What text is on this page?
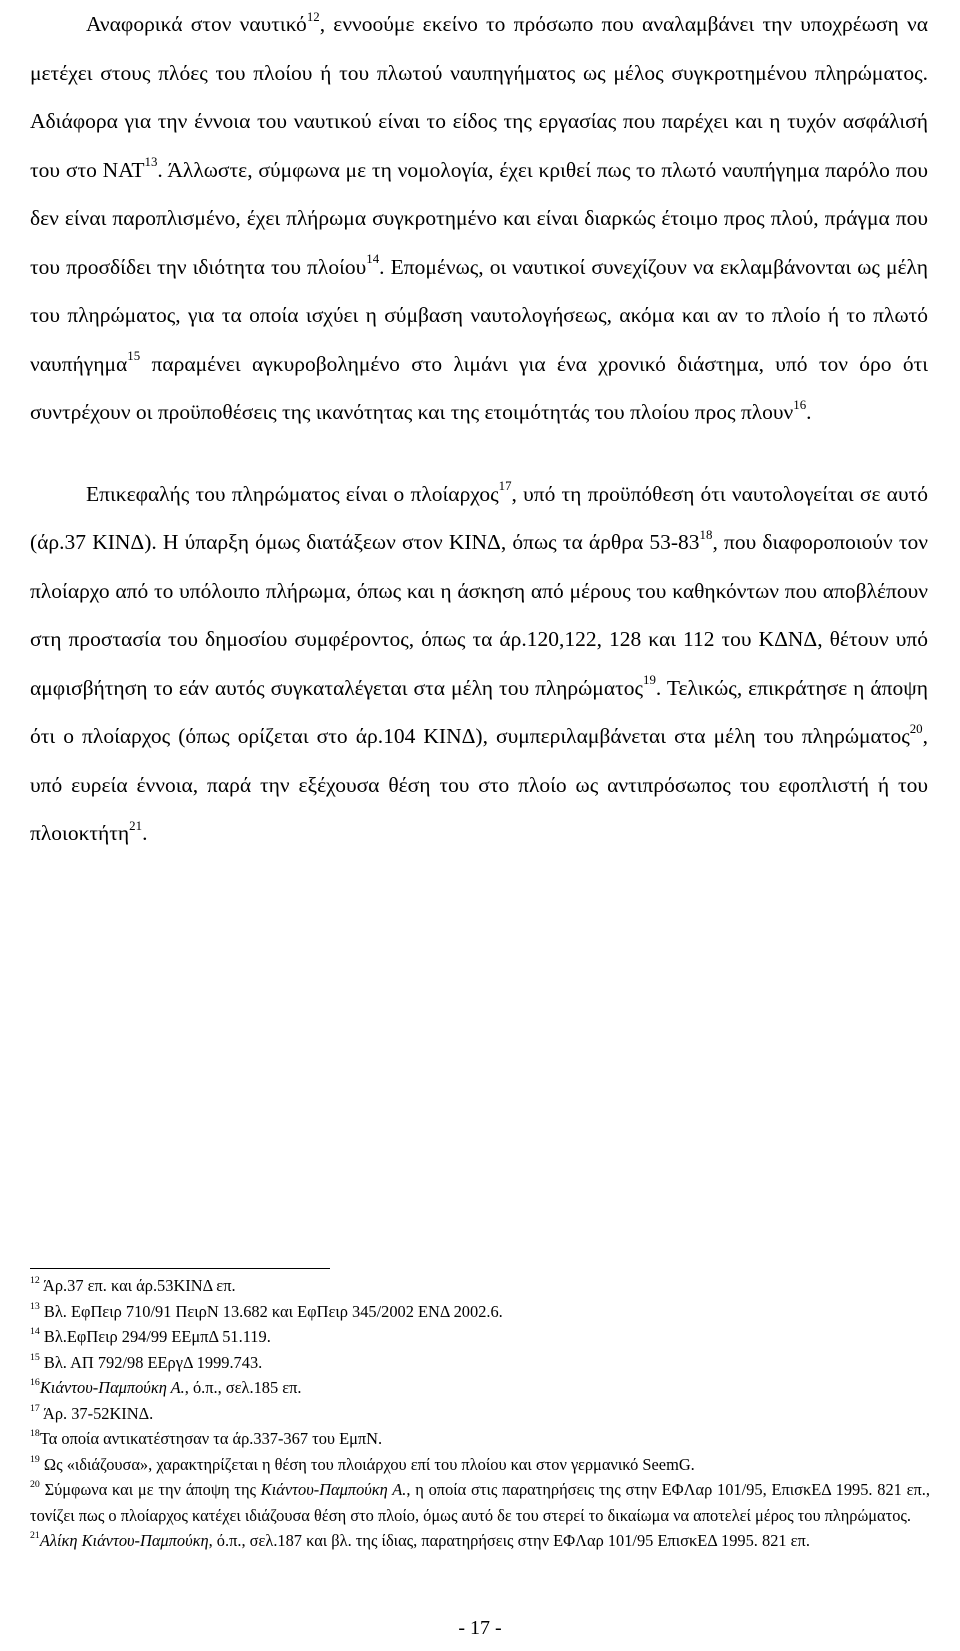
Αναφορικά στον ναυτικό$^{12}$, εννοούμε εκείνο το πρόσωπο που αναλαμβάνει την υποχρέωση να μετέχει στους πλόες του πλοίου ή του πλωτού ναυπηγήματος ως μέλος συγκροτημένου πληρώματος. Αδιάφορα για την έννοια του ναυτικού είναι το είδος της εργασίας που παρέχει και η τυχόν ασφάλισή του στο ΝΑΤ$^{13}$. Άλλωστε, σύμφωνα με τη νομολογία, έχει κριθεί πως το πλωτό ναυπήγημα παρόλο που δεν είναι παροπλισμένο, έχει πλήρωμα συγκροτημένο και είναι διαρκώς έτοιμο προς πλού, πράγμα που του προσδίδει την ιδιότητα του πλοίου$^{14}$. Επομένως, οι ναυτικοί συνεχίζουν να εκλαμβάνονται ως μέλη του πληρώματος, για τα οποία ισχύει η σύμβαση ναυτολογήσεως, ακόμα και αν το πλοίο ή το πλωτό ναυπήγημα$^{15}$ παραμένει αγκυροβολημένο στο λιμάνι για ένα χρονικό διάστημα, υπό τον όρο ότι συντρέχουν οι προϋποθέσεις της ικανότητας και της ετοιμότητάς του πλοίου προς πλουν$^{16}$.

Επικεφαλής του πληρώματος είναι ο πλοίαρχος$^{17}$, υπό τη προϋπόθεση ότι ναυτολογείται σε αυτό (άρ.37 ΚΙΝΔ). Η ύπαρξη όμως διατάξεων στον ΚΙΝΔ, όπως τα άρθρα $53-83^{18}$, που διαφοροποιούν τον πλοίαρχο από το υπόλοιπο πλήρωμα, όπως και η άσκηση από μέρους του καθηκόντων που αποβλέπουν στη προστασία του δημοσίου συμφέροντος, όπως τα άρ.120,122, 128 και 112 του ΚΔΝΔ, θέτουν υπό αμφισβήτηση το εάν αυτός συγκαταλέγεται στα μέλη του πληρώματος$^{19}$. Τελικώς, επικράτησε η άποψη ότι ο πλοίαρχος (όπως ορίζεται στο άρ.104 ΚΙΝΔ), συμπεριλαμβάνεται στα μέλη του πληρώματος$^{20}$, υπό ευρεία έννοια, παρά την εξέχουσα θέση του στο πλοίο ως αντιπρόσωπος του εφοπλιστή ή του πλοιοκτήτη$^{21}$.

$^{12}$ Άρ.37 επ. και άρ.53ΚΙΝΔ επ.

$^{13}$ Βλ. ΕφΠειρ 710/91 ΠειρΝ 13.682 και ΕφΠειρ 345/2002 ΕΝΔ 2002.6.

$^{14}$ Βλ.ΕφΠειρ 294/99 ΕΕμπΔ 51.119.

$^{15}$ Βλ. ΑΠ 792/98 ΕΕργΔ 1999.743.

$^{16}$Κιάντου-Παμπούκη Α., ό.π., σελ.185 επ.

$^{17}$ Άρ. 37-52ΚΙΝΔ.

$^{18}$Τα οποία αντικατέστησαν τα άρ.337-367 του ΕμπΝ.

$^{19}$ Ως «ιδιάζουσα», χαρακτηρίζεται η θέση του πλοιάρχου επί του πλοίου και στον γερμανικό SeemG.

$^{20}$ Σύμφωνα και με την άποψη της Κιάντου-Παμπούκη Α., η οποία στις παρατηρήσεις της στην ΕΦΛαρ 101/95, ΕπισκΕΔ 1995. 821 επ., τονίζει πως ο πλοίαρχος κατέχει ιδιάζουσα θέση στο πλοίο, όμως αυτό δε του στερεί το δικαίωμα να αποτελεί μέρος του πληρώματος.

$^{21}$Αλίκη Κιάντου-Παμπούκη, ό.π., σελ.187 και βλ. της ίδιας, παρατηρήσεις στην ΕΦΛαρ 101/95 ΕπισκΕΔ 1995. 821 επ.

- 17 -
